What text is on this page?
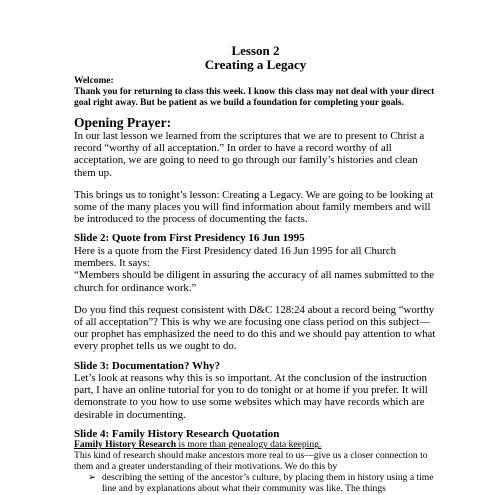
Lesson 2
Creating a Legacy
Welcome:
Thank you for returning to class this week. I know this class may not deal with your direct goal right away. But be patient as we build a foundation for completing your goals.
Opening Prayer:
In our last lesson we learned from the scriptures that we are to present to Christ a record “worthy of all acceptation.” In order to have a record worthy of all acceptation, we are going to need to go through our family’s histories and clean them up.
This brings us to tonight’s lesson: Creating a Legacy. We are going to be looking at some of the many places you will find information about family members and will be introduced to the process of documenting the facts.
Slide 2: Quote from First Presidency 16 Jun 1995
Here is a quote from the First Presidency dated 16 Jun 1995 for all Church members. It says:
“Members should be diligent in assuring the accuracy of all names submitted to the church for ordinance work.”
Do you find this request consistent with D&C 128:24 about a record being “worthy of all acceptation”? This is why we are focusing one class period on this subject—our prophet has emphasized the need to do this and we should pay attention to what every prophet tells us we ought to do.
Slide 3: Documentation? Why?
Let’s look at reasons why this is so important. At the conclusion of the instruction part, I have an online tutorial for you to do tonight or at home if you prefer. It will demonstrate to you how to use some websites which may have records which are desirable in documenting.
Slide 4: Family History Research Quotation
Family History Research is more than genealogy data keeping.
This kind of research should make ancestors more real to us—give us a closer connection to them and a greater understanding of their motivations. We do this by
➢ describing the setting of the ancestor’s culture, by placing them in history using a time line and by explanations about what their community was like. The things
